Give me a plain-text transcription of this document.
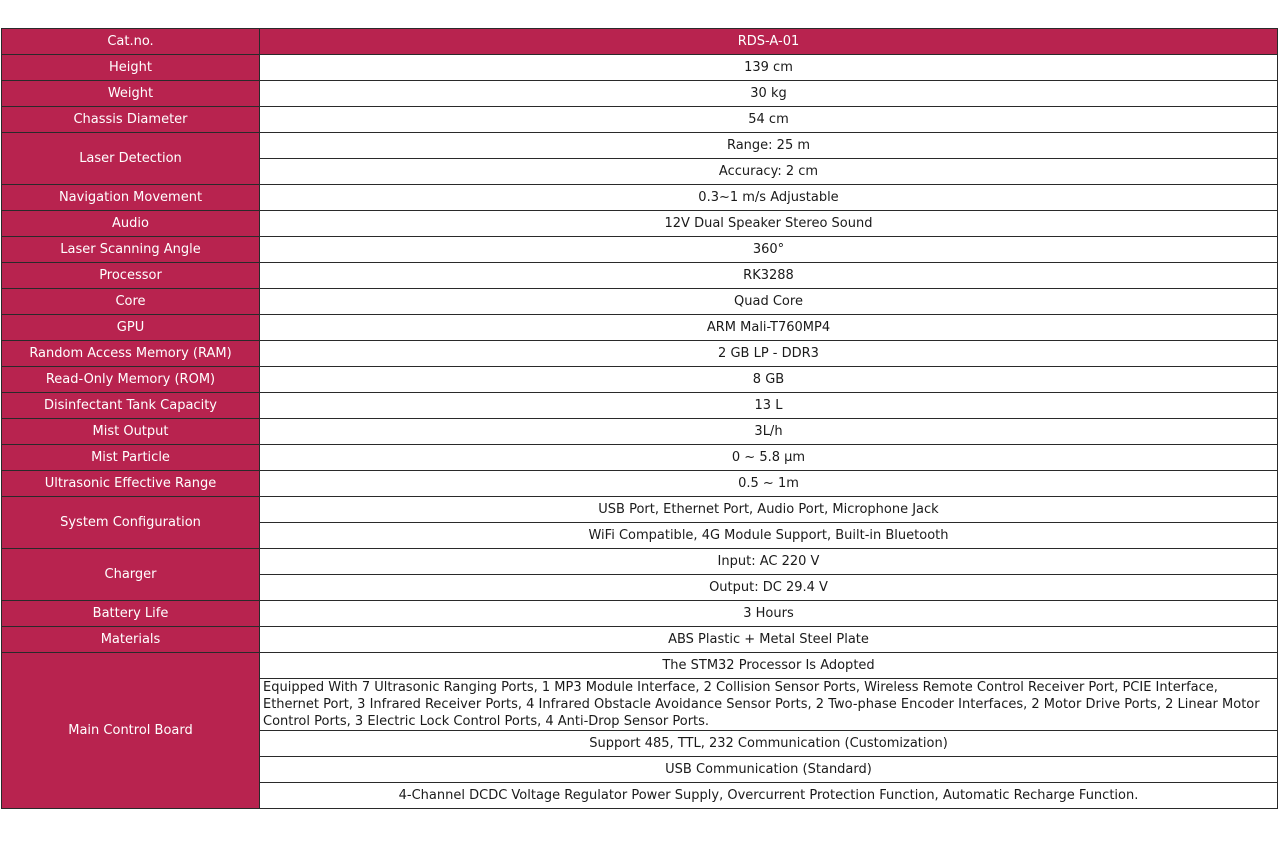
Cat.no.	RDS-A-01
Height	139 cm
Weight	30 kg
Chassis Diameter	54 cm
Laser Detection	Range: 25 m
	Accuracy: 2 cm
Navigation Movement	0.3~1 m/s Adjustable
Audio	12V Dual Speaker Stereo Sound
Laser Scanning Angle	360°
Processor	RK3288
Core	Quad Core
GPU	ARM Mali-T760MP4
Random Access Memory (RAM)	2 GB LP - DDR3
Read-Only Memory (ROM)	8 GB
Disinfectant Tank Capacity	13 L
Mist Output	3L/h
Mist Particle	0 ~ 5.8 μm
Ultrasonic Effective Range	0.5 ~ 1m
System Configuration	USB Port, Ethernet Port, Audio Port, Microphone Jack
	WiFi Compatible, 4G Module Support, Built-in Bluetooth
Charger	Input: AC 220 V
	Output: DC 29.4 V
Battery Life	3 Hours
Materials	ABS Plastic + Metal Steel Plate
Main Control Board	The STM32 Processor Is Adopted
	Equipped With 7 Ultrasonic Ranging Ports, 1 MP3 Module Interface, 2 Collision Sensor Ports, Wireless Remote Control Receiver Port, PCIE Interface, Ethernet Port, 3 Infrared Receiver Ports, 4 Infrared Obstacle Avoidance Sensor Ports, 2 Two-phase Encoder Interfaces, 2 Motor Drive Ports, 2 Linear Motor Control Ports, 3 Electric Lock Control Ports, 4 Anti-Drop Sensor Ports.
	Support 485, TTL, 232 Communication (Customization)
	USB Communication (Standard)
	4-Channel DCDC Voltage Regulator Power Supply, Overcurrent Protection Function, Automatic Recharge Function.
